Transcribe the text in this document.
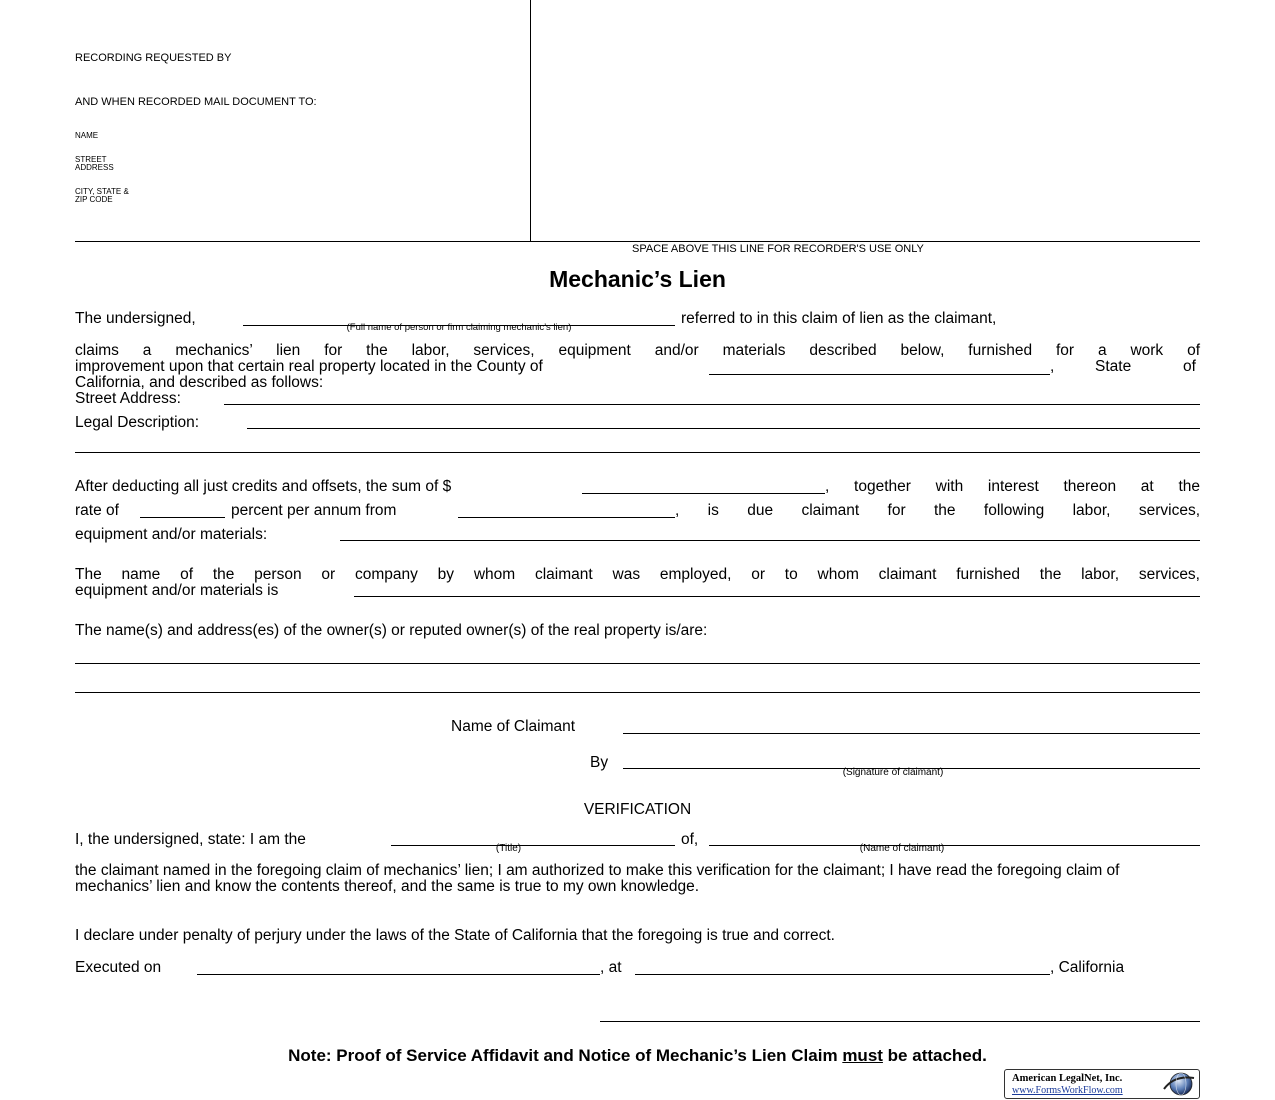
RECORDING REQUESTED BY
AND WHEN RECORDED MAIL DOCUMENT TO:
NAME
STREET
ADDRESS
CITY, STATE &
ZIP CODE
SPACE ABOVE THIS LINE FOR RECORDER'S USE ONLY
Mechanic’s Lien
The undersigned,
(Full name of person or firm claiming mechanic’s lien)
referred to in this claim of lien as the claimant,
claims a mechanics’ lien for the labor, services, equipment and/or materials described below, furnished for a work of
improvement upon that certain real property located in the County of	,	State	of
California, and described as follows:
Street Address:
Legal Description:
After deducting all just credits and offsets, the sum of $	, together with interest thereon at the
rate of	percent per annum from	, is due claimant for the following labor, services,
equipment and/or materials:
The name of the person or company by whom claimant was employed, or to whom claimant furnished the labor, services,
equipment and/or materials is
The name(s) and address(es) of the owner(s) or reputed owner(s) of the real property is/are:
Name of Claimant
By
(Signature of claimant)
VERIFICATION
I, the undersigned, state: I am the
(Title)
of,
(Name of claimant)
the claimant named in the foregoing claim of mechanics’ lien; I am authorized to make this verification for the claimant; I have read the foregoing claim of mechanics’ lien and know the contents thereof, and the same is true to my own knowledge.
I declare under penalty of perjury under the laws of the State of California that the foregoing is true and correct.
Executed on	, at	, California
Note: Proof of Service Affidavit and Notice of Mechanic’s Lien Claim must be attached.
American LegalNet, Inc.
www.FormsWorkFlow.com
